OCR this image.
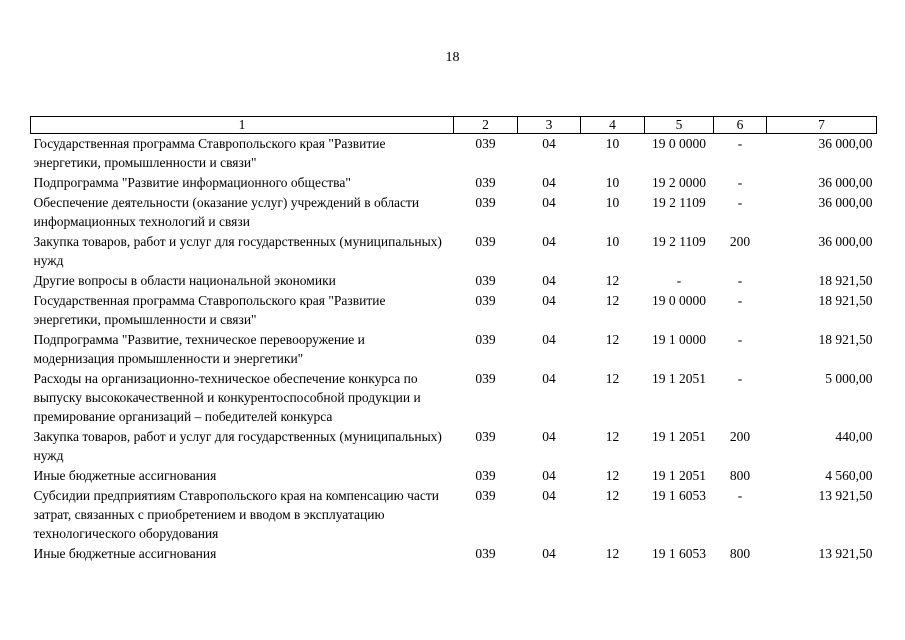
18
1	2	3	4	5	6	7
Государственная программа Ставропольского края "Развитие энергетики, промышленности и связи"	039	04	10	19 0 0000	-	36 000,00
Подпрограмма "Развитие информационного общества"	039	04	10	19 2 0000	-	36 000,00
Обеспечение деятельности (оказание услуг) учреждений в области информационных технологий и связи	039	04	10	19 2 1109	-	36 000,00
Закупка товаров, работ и услуг для государственных (муниципальных) нужд	039	04	10	19 2 1109	200	36 000,00
Другие вопросы в области национальной экономики	039	04	12	-	-	18 921,50
Государственная программа Ставропольского края "Развитие энергетики, промышленности и связи"	039	04	12	19 0 0000	-	18 921,50
Подпрограмма "Развитие, техническое перевооружение и модернизация промышленности и энергетики"	039	04	12	19 1 0000	-	18 921,50
Расходы на организационно-техническое обеспечение конкурса по выпуску высококачественной и конкурентоспособной продукции и премирование организаций – победителей конкурса	039	04	12	19 1 2051	-	5 000,00
Закупка товаров, работ и услуг для государственных (муниципальных) нужд	039	04	12	19 1 2051	200	440,00
Иные бюджетные ассигнования	039	04	12	19 1 2051	800	4 560,00
Субсидии предприятиям Ставропольского края на компенсацию части затрат, связанных с приобретением и вводом в эксплуатацию технологического оборудования	039	04	12	19 1 6053	-	13 921,50
Иные бюджетные ассигнования	039	04	12	19 1 6053	800	13 921,50
